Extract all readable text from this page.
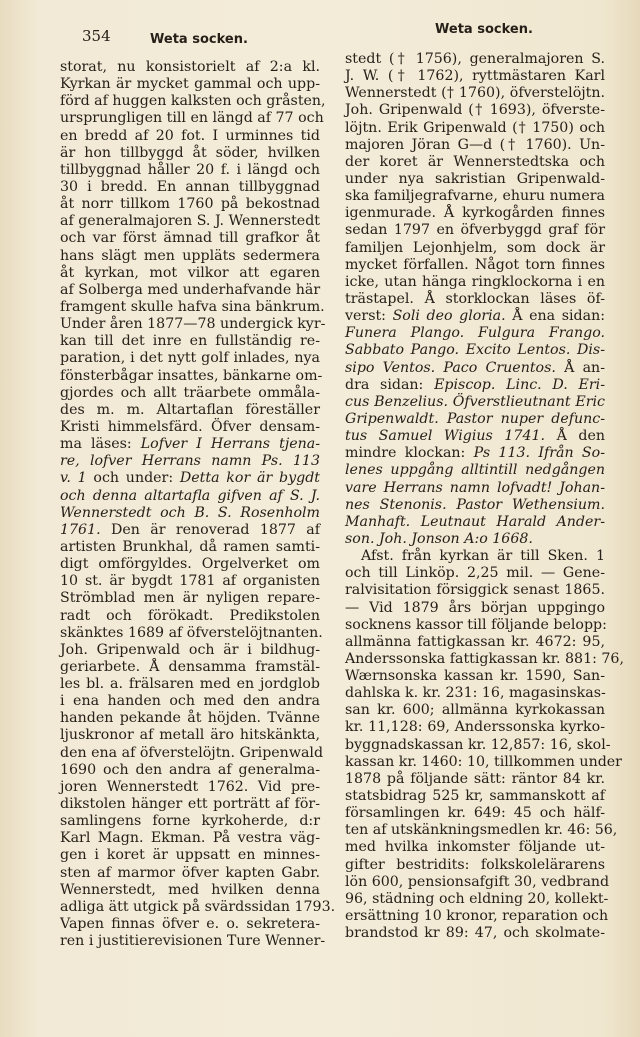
354	Weta socken.
Weta socken.
storat, nu konsistorielt af 2:a kl.
Kyrkan är mycket gammal och upp-
förd af huggen kalksten och gråsten,
ursprungligen till en längd af 77 och
en bredd af 20 fot. I urminnes tid
är hon tillbyggd åt söder, hvilken
tillbyggnad håller 20 f. i längd och
30 i bredd. En annan tillbyggnad
åt norr tillkom 1760 på bekostnad
af generalmajoren S. J. Wennerstedt
och var först ämnad till grafkor åt
hans slägt men uppläts sedermera
åt kyrkan, mot vilkor att egaren
af Solberga med underhafvande här
framgent skulle hafva sina bänkrum.
Under åren 1877—78 undergick kyr-
kan till det inre en fullständig re-
paration, i det nytt golf inlades, nya
fönsterbågar insattes, bänkarne om-
gjordes och allt träarbete ommåla-
des m. m. Altartaflan föreställer
Kristi himmelsfärd. Öfver densam-
ma läses: Lofver I Herrans tjena-
re, lofver Herrans namn Ps. 113
v. 1 och under: Detta kor är bygdt
och denna altartafla gifven af S. J.
Wennerstedt och B. S. Rosenholm
1761. Den är renoverad 1877 af
artisten Brunkhal, då ramen samti-
digt omförgyldes. Orgelverket om
10 st. är bygdt 1781 af organisten
Strömblad men är nyligen repare-
radt och förökadt. Predikstolen
skänktes 1689 af öfverstelöjtnanten.
Joh. Gripenwald och är i bildhug-
geriarbete. Å densamma framstäl-
les bl. a. frälsaren med en jordglob
i ena handen och med den andra
handen pekande åt höjden. Tvänne
ljuskronor af metall äro hitskänkta,
den ena af öfverstelöjtn. Gripenwald
1690 och den andra af generalma-
joren Wennerstedt 1762. Vid pre-
dikstolen hänger ett porträtt af för-
samlingens forne kyrkoherde, d:r
Karl Magn. Ekman. På vestra väg-
gen i koret är uppsatt en minnes-
sten af marmor öfver kapten Gabr.
Wennerstedt, med hvilken denna
adliga ätt utgick på svärdssidan 1793.
Vapen finnas öfver e. o. sekretera-
ren i justitierevisionen Ture Wenner-
stedt († 1756), generalmajoren S.
J. W. († 1762), ryttmästaren Karl
Wennerstedt († 1760), öfverstelöjtn.
Joh. Gripenwald († 1693), öfverste-
löjtn. Erik Gripenwald († 1750) och
majoren Jöran G—d († 1760). Un-
der koret är Wennerstedtska och
under nya sakristian Gripenwald-
ska familjegrafvarne, ehuru numera
igenmurade. Å kyrkogården finnes
sedan 1797 en öfverbyggd graf för
familjen Lejonhjelm, som dock är
mycket förfallen. Något torn finnes
icke, utan hänga ringklockorna i en
trästapel. Å storklockan läses öf-
verst: Soli deo gloria. Å ena sidan:
Funera Plango. Fulgura Frango.
Sabbato Pango. Excito Lentos. Dis-
sipo Ventos. Paco Cruentos. Å an-
dra sidan: Episcop. Linc. D. Eri-
cus Benzelius. Öfverstlieutnant Eric
Gripenwaldt. Pastor nuper defunc-
tus Samuel Wigius 1741. Å den
mindre klockan: Ps 113. Ifrån So-
lenes uppgång alltintill nedgången
vare Herrans namn lofvadt! Johan-
nes Stenonis. Pastor Wethensium.
Manhaft. Leutnaut Harald Ander-
son. Joh. Jonson A:o 1668.
Afst. från kyrkan är till Sken. 1
och till Linköp. 2,25 mil. — Gene-
ralvisitation försiggick senast 1865.
— Vid 1879 års början uppgingo
socknens kassor till följande belopp:
allmänna fattigkassan kr. 4672: 95,
Anderssonska fattigkassan kr. 881: 76,
Wærnsonska kassan kr. 1590, San-
dahlska k. kr. 231: 16, magasinskas-
san kr. 600; allmänna kyrkokassan
kr. 11,128: 69, Anderssonska kyrko-
byggnadskassan kr. 12,857: 16, skol-
kassan kr. 1460: 10, tillkommen under
1878 på följande sätt: räntor 84 kr.
statsbidrag 525 kr, sammanskott af
församlingen kr. 649: 45 och hälf-
ten af utskänkningsmedlen kr. 46: 56,
med hvilka inkomster följande ut-
gifter bestridits: folkskolelärarens
lön 600, pensionsafgift 30, vedbrand
96, städning och eldning 20, kollekt-
ersättning 10 kronor, reparation och
brandstod kr 89: 47, och skolmate-
